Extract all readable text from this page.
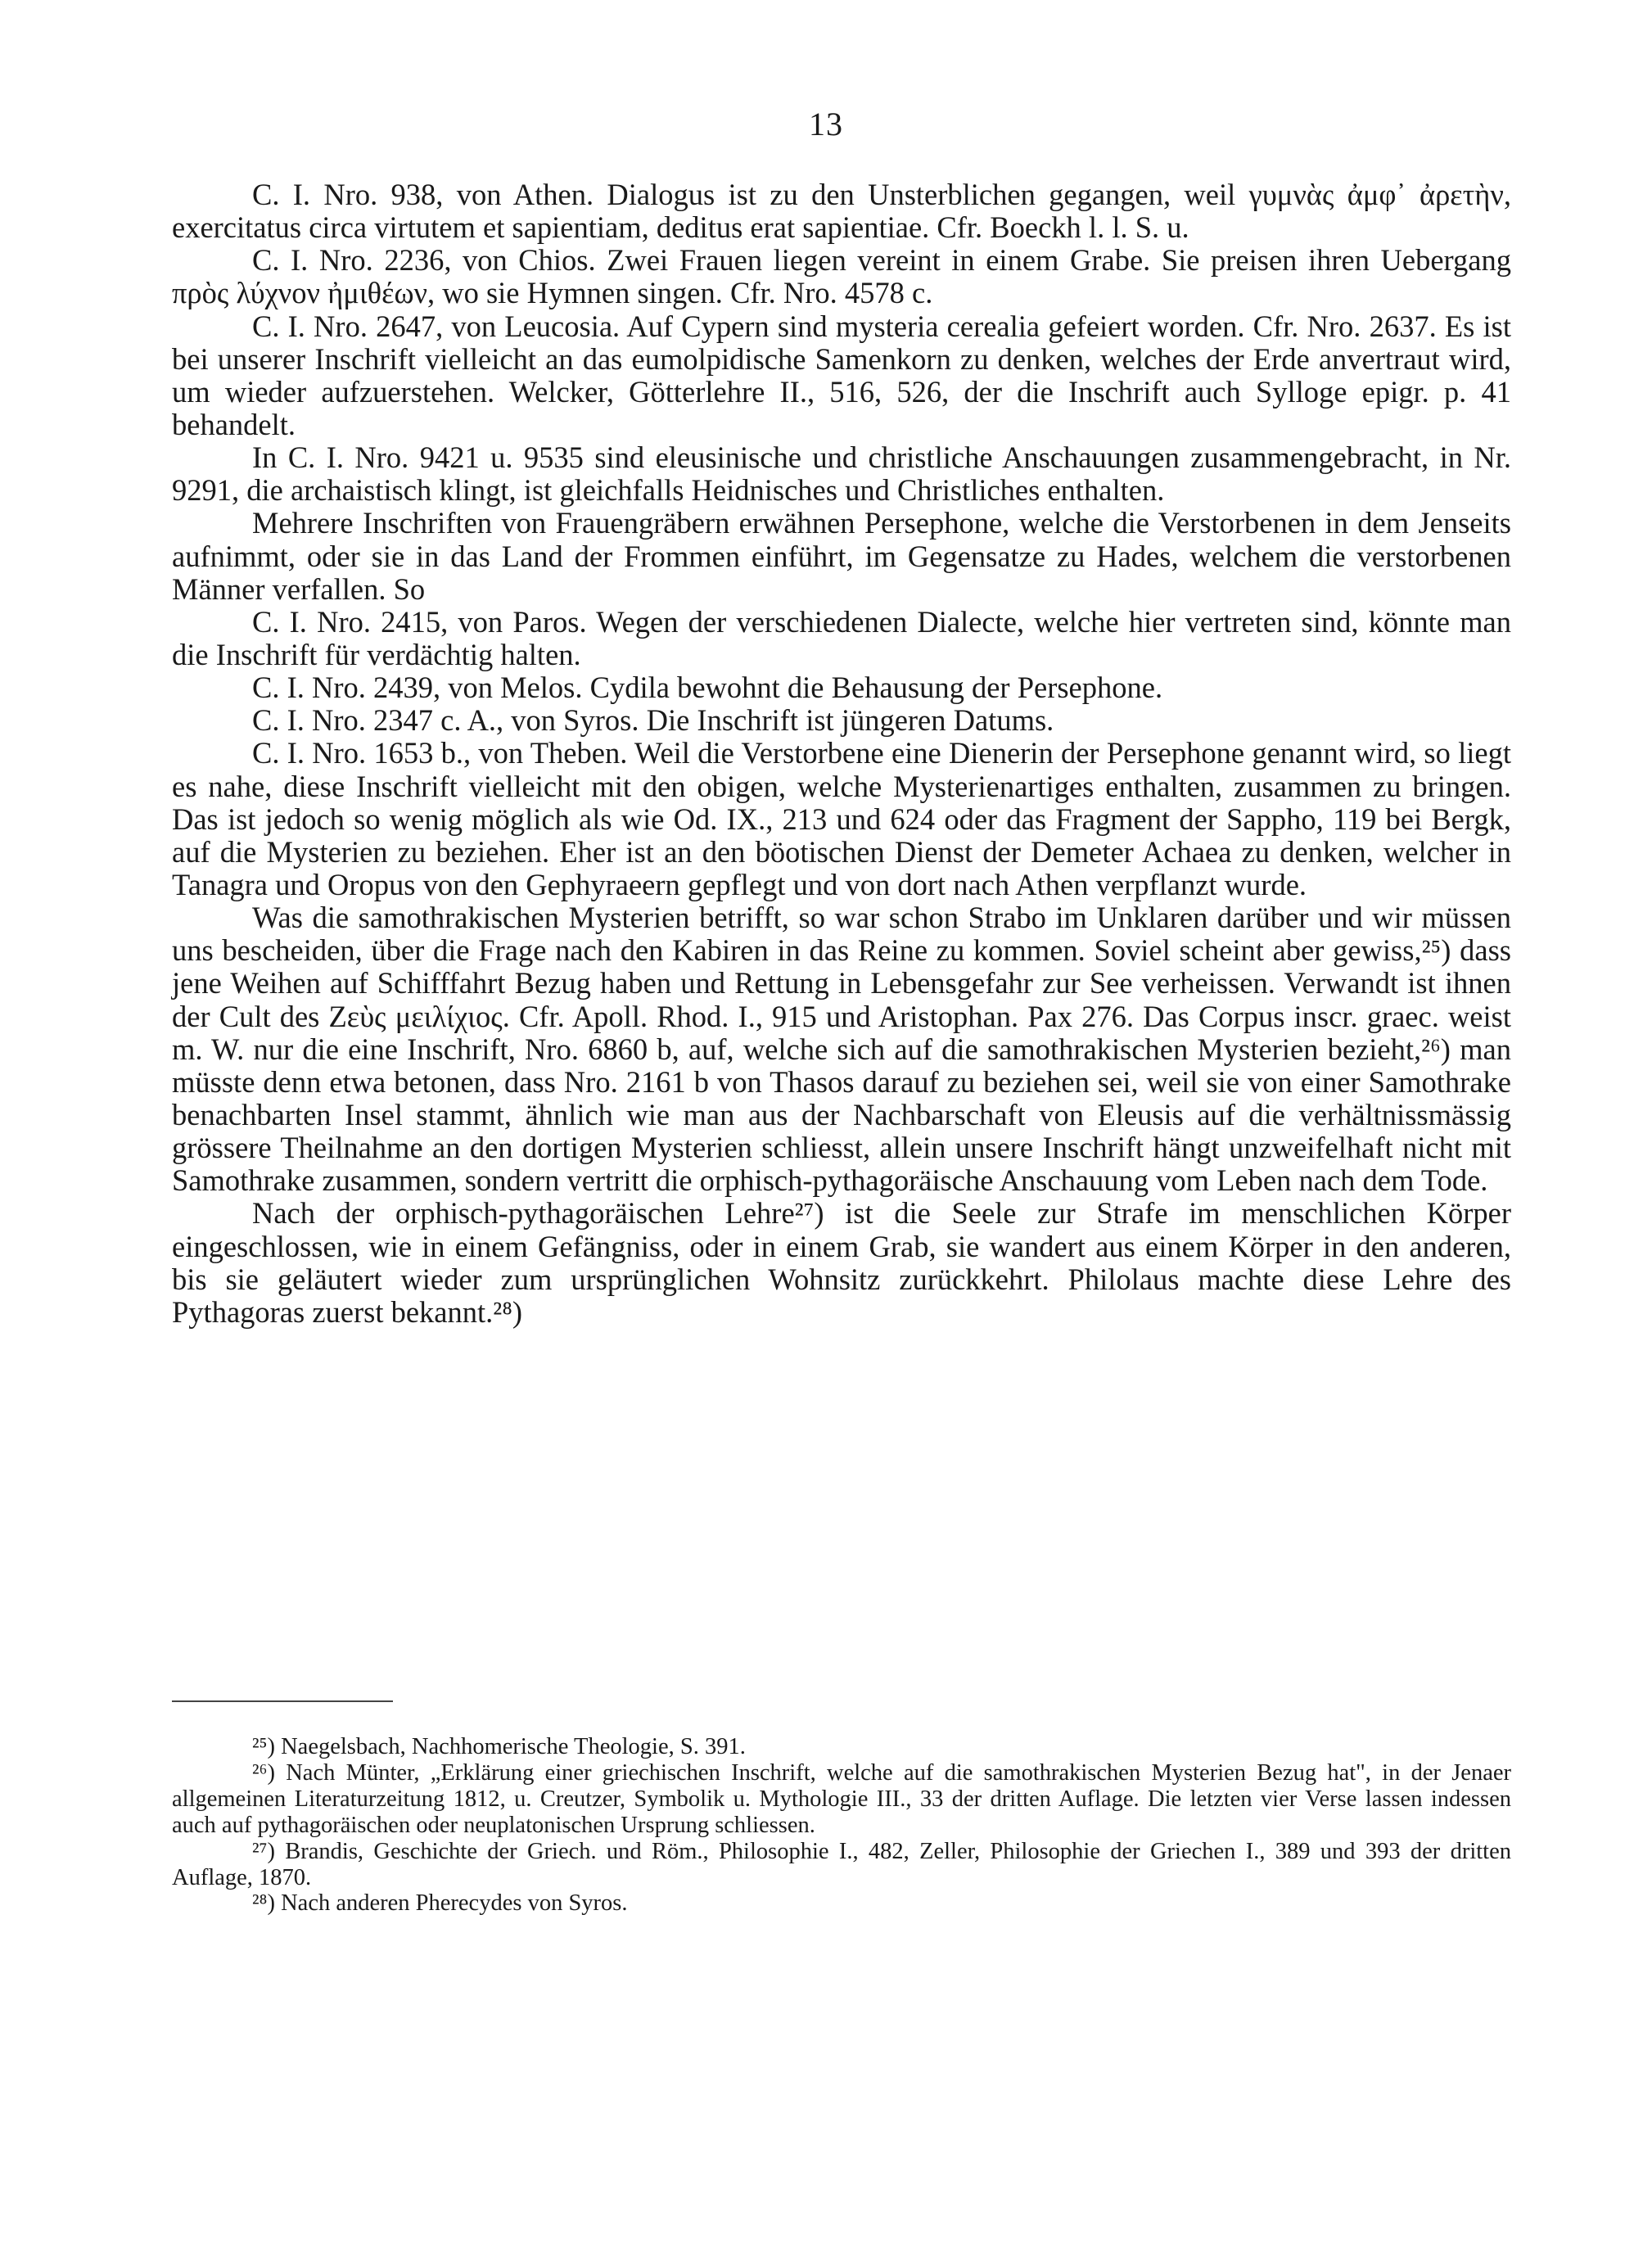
13

C. I. Nro. 938, von Athen. Dialogus ist zu den Unsterblichen gegangen, weil γυμνὰς ἀμφ᾽ ἀρετὴν, exercitatus circa virtutem et sapientiam, deditus erat sapientiae. Cfr. Boeckh l. l. S. u.

C. I. Nro. 2236, von Chios. Zwei Frauen liegen vereint in einem Grabe. Sie preisen ihren Uebergang πρὸς λύχνον ἠμιθέων, wo sie Hymnen singen. Cfr. Nro. 4578 c.

C. I. Nro. 2647, von Leucosia. Auf Cypern sind mysteria cerealia gefeiert worden. Cfr. Nro. 2637. Es ist bei unserer Inschrift vielleicht an das eumolpidische Samenkorn zu denken, welches der Erde anvertraut wird, um wieder aufzuerstehen. Welcker, Götterlehre II., 516, 526, der die Inschrift auch Sylloge epigr. p. 41 behandelt.

In C. I. Nro. 9421 u. 9535 sind eleusinische und christliche Anschauungen zusammengebracht, in Nr. 9291, die archaistisch klingt, ist gleichfalls Heidnisches und Christliches enthalten.

Mehrere Inschriften von Frauengräbern erwähnen Persephone, welche die Verstorbenen in dem Jenseits aufnimmt, oder sie in das Land der Frommen einführt, im Gegensatze zu Hades, welchem die verstorbenen Männer verfallen. So

C. I. Nro. 2415, von Paros. Wegen der verschiedenen Dialecte, welche hier vertreten sind, könnte man die Inschrift für verdächtig halten.

C. I. Nro. 2439, von Melos. Cydila bewohnt die Behausung der Persephone.

C. I. Nro. 2347 c. A., von Syros. Die Inschrift ist jüngeren Datums.

C. I. Nro. 1653 b., von Theben. Weil die Verstorbene eine Dienerin der Persephone genannt wird, so liegt es nahe, diese Inschrift vielleicht mit den obigen, welche Mysterienartiges enthalten, zusammen zu bringen. Das ist jedoch so wenig möglich als wie Od. IX., 213 und 624 oder das Fragment der Sappho, 119 bei Bergk, auf die Mysterien zu beziehen. Eher ist an den böotischen Dienst der Demeter Achaea zu denken, welcher in Tanagra und Oropus von den Gephyraeern gepflegt und von dort nach Athen verpflanzt wurde.

Was die samothrakischen Mysterien betrifft, so war schon Strabo im Unklaren darüber und wir müssen uns bescheiden, über die Frage nach den Kabiren in das Reine zu kommen. Soviel scheint aber gewiss,²⁵) dass jene Weihen auf Schifffahrt Bezug haben und Rettung in Lebensgefahr zur See verheissen. Verwandt ist ihnen der Cult des Ζεὺς μειλίχιος. Cfr. Apoll. Rhod. I., 915 und Aristophan. Pax 276. Das Corpus inscr. graec. weist m. W. nur die eine Inschrift, Nro. 6860 b, auf, welche sich auf die samothrakischen Mysterien bezieht,²⁶) man müsste denn etwa betonen, dass Nro. 2161 b von Thasos darauf zu beziehen sei, weil sie von einer Samothrake benachbarten Insel stammt, ähnlich wie man aus der Nachbarschaft von Eleusis auf die verhältnissmässig grössere Theilnahme an den dortigen Mysterien schliesst, allein unsere Inschrift hängt unzweifelhaft nicht mit Samothrake zusammen, sondern vertritt die orphisch-pythagoräische Anschauung vom Leben nach dem Tode.

Nach der orphisch-pythagoräischen Lehre²⁷) ist die Seele zur Strafe im menschlichen Körper eingeschlossen, wie in einem Gefängniss, oder in einem Grab, sie wandert aus einem Körper in den anderen, bis sie geläutert wieder zum ursprünglichen Wohnsitz zurückkehrt. Philolaus machte diese Lehre des Pythagoras zuerst bekannt.²⁸)

²⁵) Naegelsbach, Nachhomerische Theologie, S. 391.

²⁶) Nach Münter, „Erklärung einer griechischen Inschrift, welche auf die samothrakischen Mysterien Bezug hat", in der Jenaer allgemeinen Literaturzeitung 1812, u. Creutzer, Symbolik u. Mythologie III., 33 der dritten Auflage. Die letzten vier Verse lassen indessen auch auf pythagoräischen oder neuplatonischen Ursprung schliessen.

²⁷) Brandis, Geschichte der Griech. und Röm., Philosophie I., 482, Zeller, Philosophie der Griechen I., 389 und 393 der dritten Auflage, 1870.

²⁸) Nach anderen Pherecydes von Syros.
